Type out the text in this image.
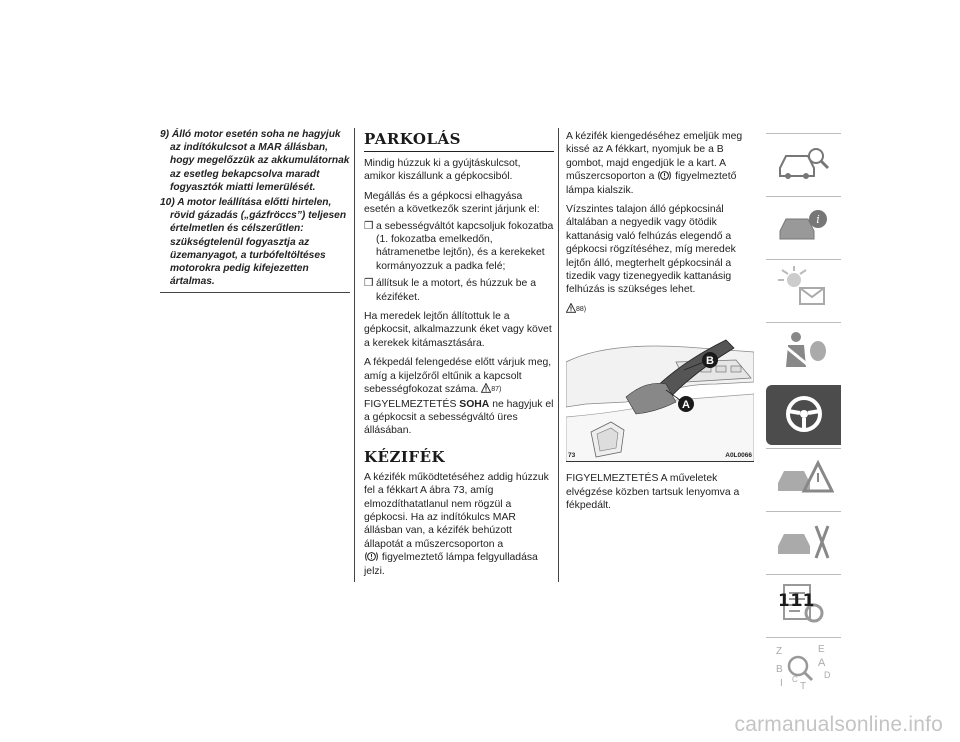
9) Álló motor esetén soha ne hagyjuk
az indítókulcsot a MAR állásban, hogy megelőzzük az akkumulátornak az esetleg bekapcsolva maradt fogyasztók miatti lemerülését.
10) A motor leállítása előtti hirtelen,
rövid gázadás („gázfröccs”) teljesen értelmetlen és célszerűtlen: szükségtelenül fogyasztja az üzemanyagot, a turbófeltöltéses motorokra pedig kifejezetten ártalmas.
PARKOLÁS
Mindig húzzuk ki a gyújtáskulcsot, amikor kiszállunk a gépkocsiból.
Megállás és a gépkocsi elhagyása esetén a következők szerint járjunk el:
❒ a sebességváltót kapcsoljuk fokozatba (1. fokozatba emelkedőn, hátramenetbe lejtőn), és a kerekeket kormányozzuk a padka felé;
❒ állítsuk le a motort, és húzzuk be a kéziféket.
Ha meredek lejtőn állítottuk le a gépkocsit, alkalmazzunk éket vagy követ a kerekek kitámasztására.
A fékpedál felengedése előtt várjuk meg, amíg a kijelzőről eltűnik a kapcsolt sebességfokozat száma. 87)
FIGYELMEZTETÉS SOHA ne hagyjuk el a gépkocsit a sebességváltó üres állásában.
KÉZIFÉK
A kézifék működtetéséhez addig húzzuk fel a fékkart A ábra 73, amíg elmozdíthatatlanul nem rögzül a gépkocsi. Ha az indítókulcs MAR állásban van, a kézifék behúzott állapotát a műszercsoporton a
figyelmeztető lámpa felgyulladása jelzi.
A kézifék kiengedéséhez emeljük meg kissé az A fékkart, nyomjuk be a B gombot, majd engedjük le a kart. A műszercsoporton a figyelmeztető lámpa kialszik.
Vízszintes talajon álló gépkocsinál általában a negyedik vagy ötödik kattanásig való felhúzás elegendő a gépkocsi rögzítéséhez, míg meredek lejtőn álló, megterhelt gépkocsinál a tizedik vagy tizenegyedik kattanásig felhúzás is szükséges lehet.
88)
B
A
73	A0L0066
FIGYELMEZTETÉS A műveletek elvégzése közben tartsuk lenyomva a fékpedált.
i
Z	E
B
A
I C
T
D
111
carmanualsonline.info
